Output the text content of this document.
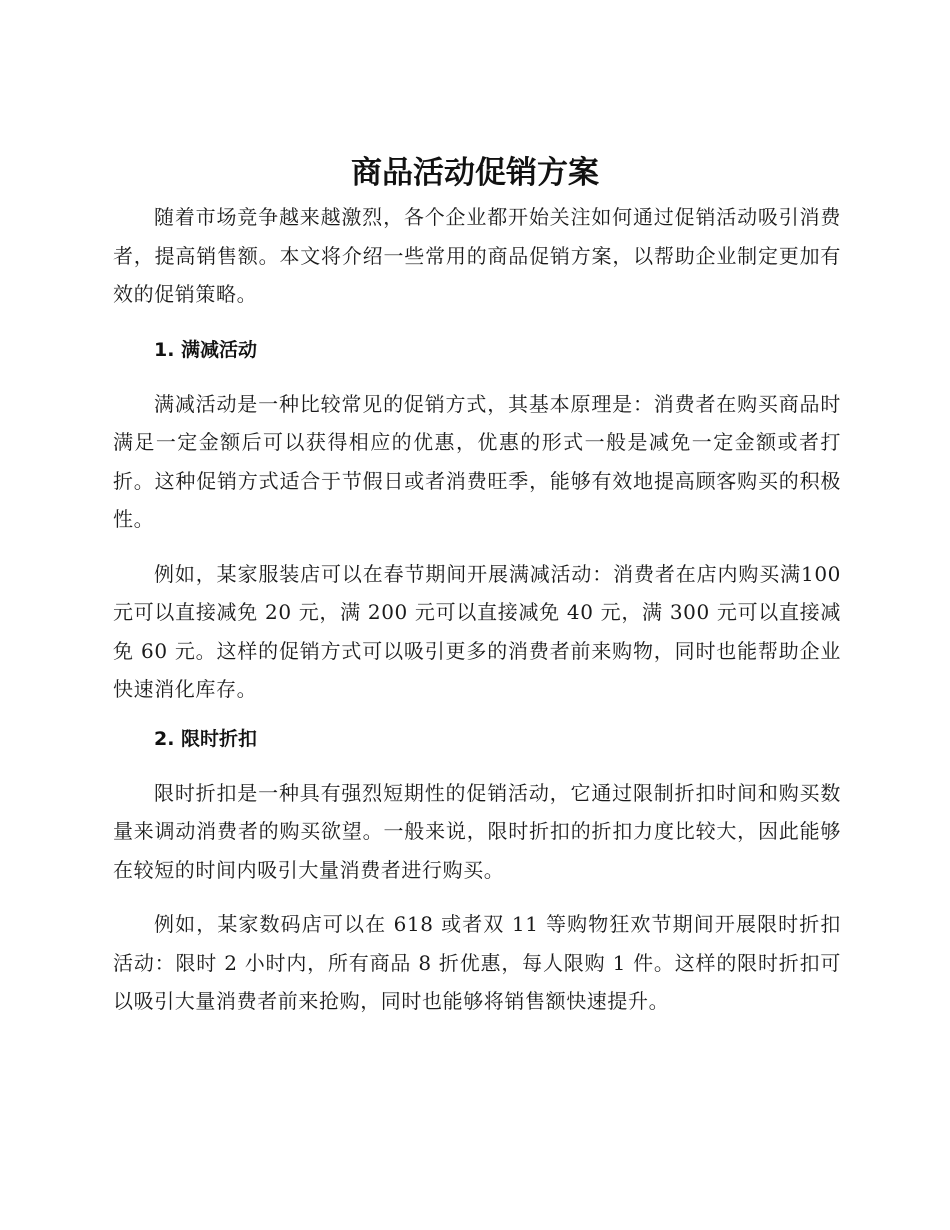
商品活动促销方案

随着市场竞争越来越激烈，各个企业都开始关注如何通过促销活动吸引消费者，提高销售额。本文将介绍一些常用的商品促销方案，以帮助企业制定更加有效的促销策略。

1. 满减活动

满减活动是一种比较常见的促销方式，其基本原理是：消费者在购买商品时满足一定金额后可以获得相应的优惠，优惠的形式一般是减免一定金额或者打折。这种促销方式适合于节假日或者消费旺季，能够有效地提高顾客购买的积极性。

例如，某家服装店可以在春节期间开展满减活动：消费者在店内购买满100 元可以直接减免 20 元，满 200 元可以直接减免 40 元，满 300 元可以直接减免 60 元。这样的促销方式可以吸引更多的消费者前来购物，同时也能帮助企业快速消化库存。

2. 限时折扣

限时折扣是一种具有强烈短期性的促销活动，它通过限制折扣时间和购买数量来调动消费者的购买欲望。一般来说，限时折扣的折扣力度比较大，因此能够在较短的时间内吸引大量消费者进行购买。

例如，某家数码店可以在 618 或者双 11 等购物狂欢节期间开展限时折扣活动：限时 2 小时内，所有商品 8 折优惠，每人限购 1 件。这样的限时折扣可以吸引大量消费者前来抢购，同时也能够将销售额快速提升。
